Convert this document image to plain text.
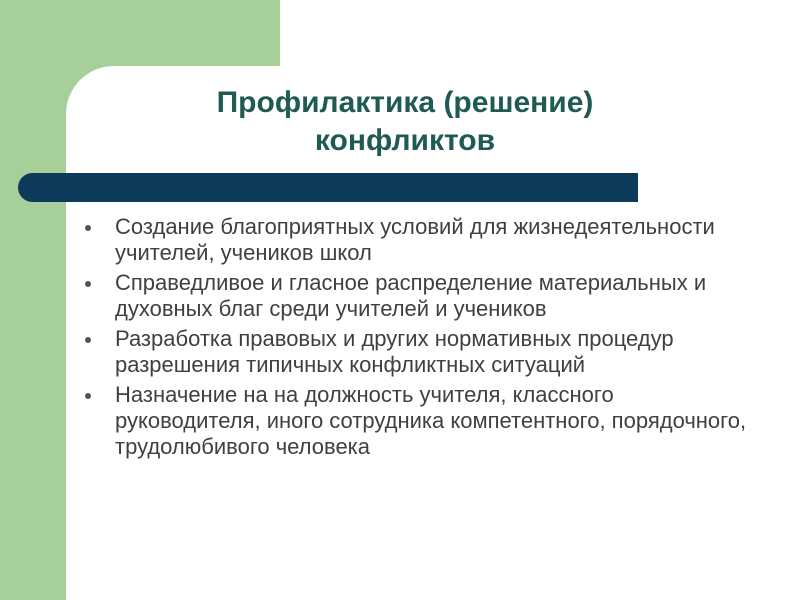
Профилактика (решение)
конфликтов
Создание благоприятных условий для жизнедеятельности учителей, учеников школ
Справедливое и гласное распределение материальных и духовных благ среди учителей и учеников
Разработка правовых и других нормативных процедур разрешения типичных конфликтных ситуаций
Назначение на на должность учителя, классного руководителя, иного сотрудника компетентного, порядочного, трудолюбивого человека
